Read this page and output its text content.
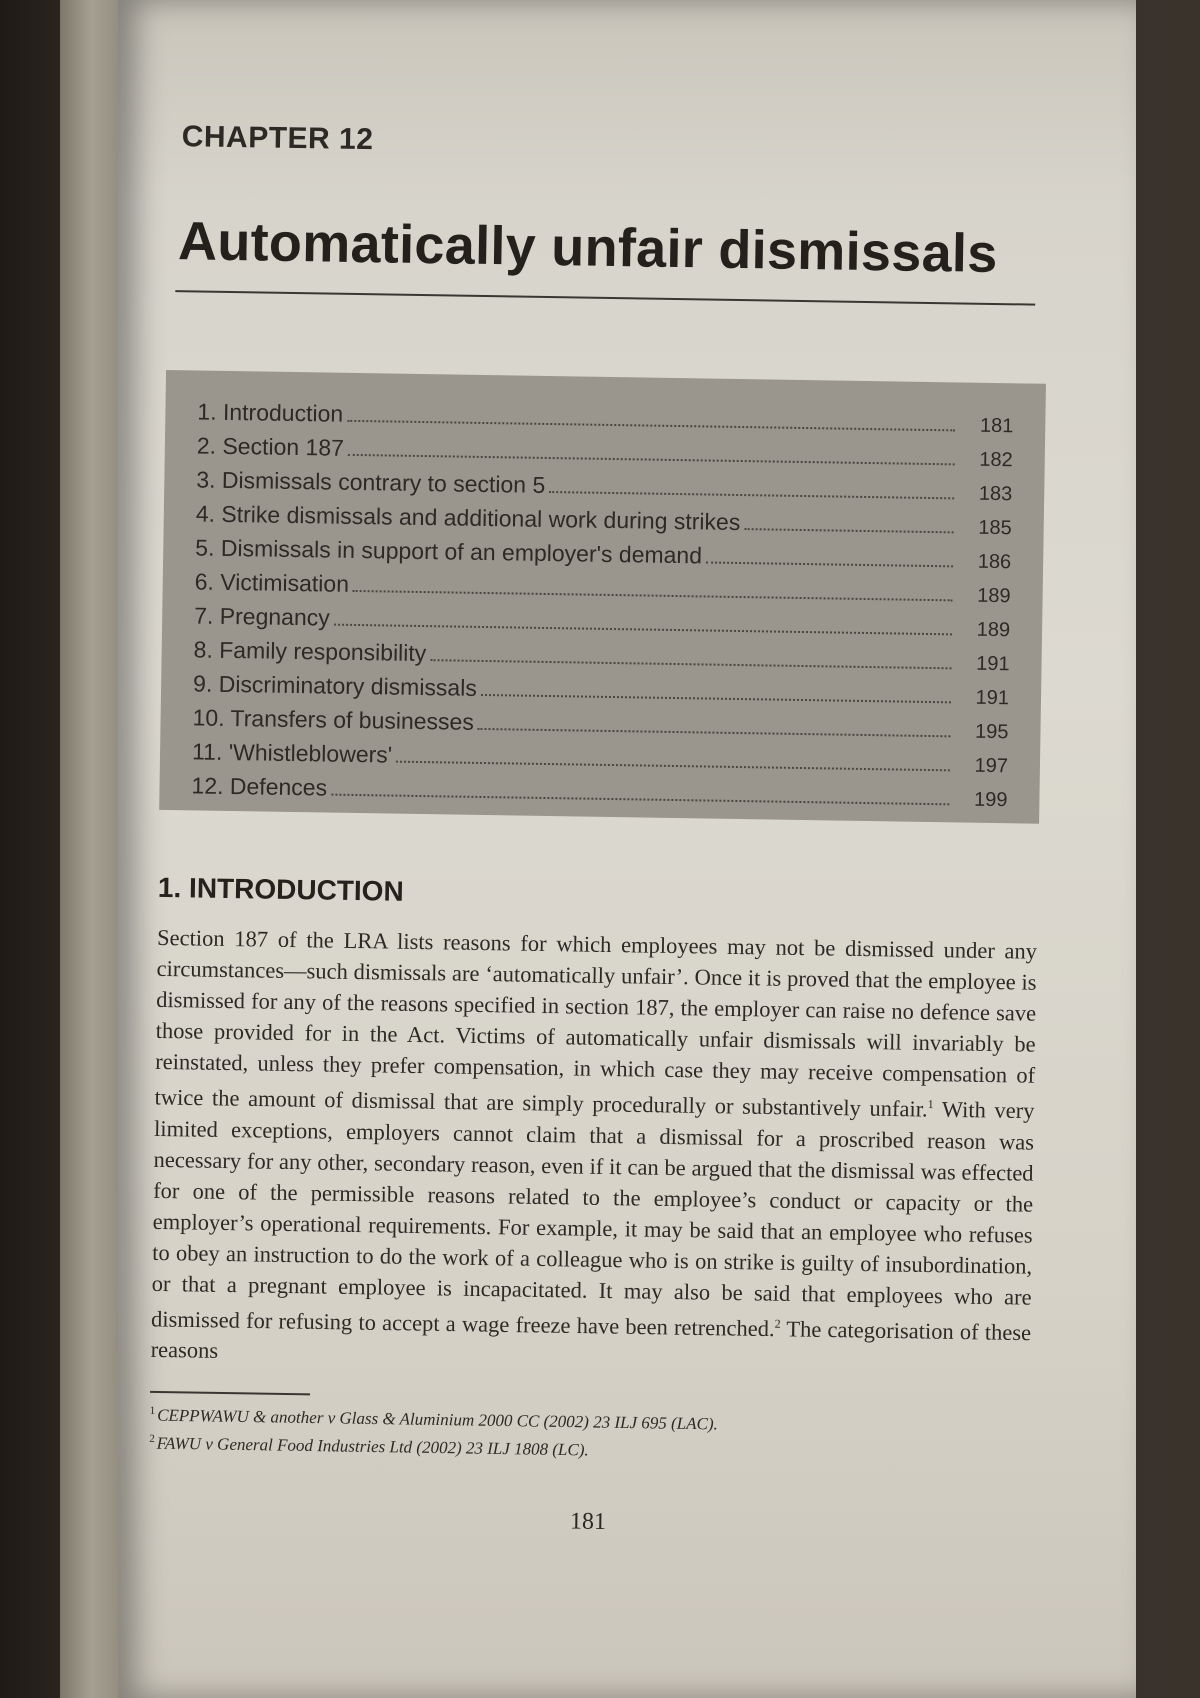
CHAPTER 12
Automatically unfair dismissals
1. Introduction	181
2. Section 187	182
3. Dismissals contrary to section 5	183
4. Strike dismissals and additional work during strikes	185
5. Dismissals in support of an employer's demand	186
6. Victimisation	189
7. Pregnancy	189
8. Family responsibility	191
9. Discriminatory dismissals	191
10. Transfers of businesses	195
11. 'Whistleblowers'	197
12. Defences	199
1. INTRODUCTION

Section 187 of the LRA lists reasons for which employees may not be dismissed under any circumstances—such dismissals are ‘automatically unfair’. Once it is proved that the employee is dismissed for any of the reasons specified in section 187, the employer can raise no defence save those provided for in the Act. Victims of automatically unfair dismissals will invariably be reinstated, unless they prefer compensation, in which case they may receive compensation of twice the amount of dismissal that are simply procedurally or substantively unfair.$^1$ With very limited exceptions, employers cannot claim that a dismissal for a proscribed reason was necessary for any other, secondary reason, even if it can be argued that the dismissal was effected for one of the permissible reasons related to the employee’s conduct or capacity or the employer’s operational requirements. For example, it may be said that an employee who refuses to obey an instruction to do the work of a colleague who is on strike is guilty of insubordination, or that a pregnant employee is incapacitated. It may also be said that employees who are dismissed for refusing to accept a wage freeze have been retrenched.$^2$ The categorisation of these reasons

$^1$CEPPWAWU & another v Glass & Aluminium 2000 CC (2002) 23 ILJ 695 (LAC).
$^2$FAWU v General Food Industries Ltd (2002) 23 ILJ 1808 (LC).
181
